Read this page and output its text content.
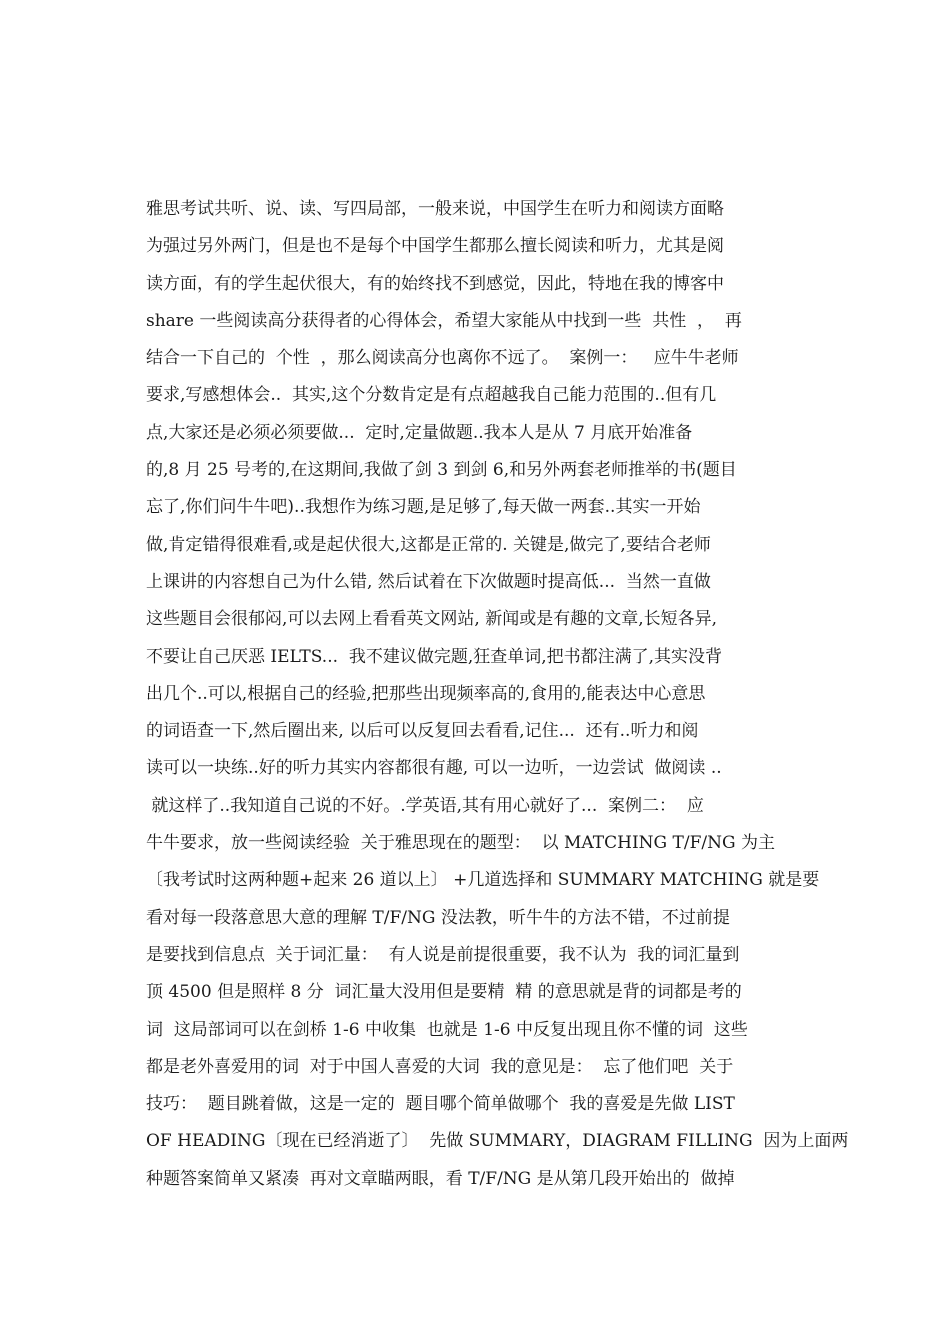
雅思考试共听、说、读、写四局部，一般来说，中国学生在听力和阅读方面略
为强过另外两门，但是也不是每个中国学生都那么擅长阅读和听力，尤其是阅
读方面，有的学生起伏很大，有的始终找不到感觉，因此，特地在我的博客中
share 一些阅读高分获得者的心得体会，希望大家能从中找到一些  共性  ，  再
结合一下自己的  个性  ，那么阅读高分也离你不远了。  案例一：   应牛牛老师
要求,写感想体会..  其实,这个分数肯定是有点超越我自己能力范围的..但有几
点,大家还是必须必须要做...  定时,定量做题..我本人是从 7 月底开始准备
的,8 月 25 号考的,在这期间,我做了剑 3 到剑 6,和另外两套老师推举的书(题目
忘了,你们问牛牛吧)..我想作为练习题,是足够了,每天做一两套..其实一开始
做,肯定错得很难看,或是起伏很大,这都是正常的. 关键是,做完了,要结合老师
上课讲的内容想自己为什么错, 然后试着在下次做题时提高低...  当然一直做
这些题目会很郁闷,可以去网上看看英文网站, 新闻或是有趣的文章,长短各异,
不要让自己厌恶 IELTS...  我不建议做完题,狂查单词,把书都注满了,其实没背
出几个..可以,根据自己的经验,把那些出现频率高的,食用的,能表达中心意思
的词语查一下,然后圈出来, 以后可以反复回去看看,记住...  还有..听力和阅
读可以一块练..好的听力其实内容都很有趣, 可以一边听，一边尝试  做阅读 ..
就这样了..我知道自己说的不好。.学英语,其有用心就好了...  案例二：  应
牛牛要求，放一些阅读经验  关于雅思现在的题型：  以 MATCHING T/F/NG 为主
〔我考试时这两种题+起来 26 道以上〕 +几道选择和 SUMMARY MATCHING 就是要
看对每一段落意思大意的理解 T/F/NG 没法教，听牛牛的方法不错，不过前提
是要找到信息点  关于词汇量：  有人说是前提很重要，我不认为  我的词汇量到
顶 4500 但是照样 8 分  词汇量大没用但是要精  精 的意思就是背的词都是考的
词  这局部词可以在剑桥 1-6 中收集  也就是 1-6 中反复出现且你不懂的词  这些
都是老外喜爱用的词  对于中国人喜爱的大词  我的意见是：  忘了他们吧  关于
技巧：  题目跳着做，这是一定的  题目哪个简单做哪个  我的喜爱是先做 LIST
OF HEADING〔现在已经消逝了〕  先做 SUMMARY，DIAGRAM FILLING  因为上面两
种题答案简单又紧凑  再对文章瞄两眼，看 T/F/NG 是从第几段开始出的  做掉
